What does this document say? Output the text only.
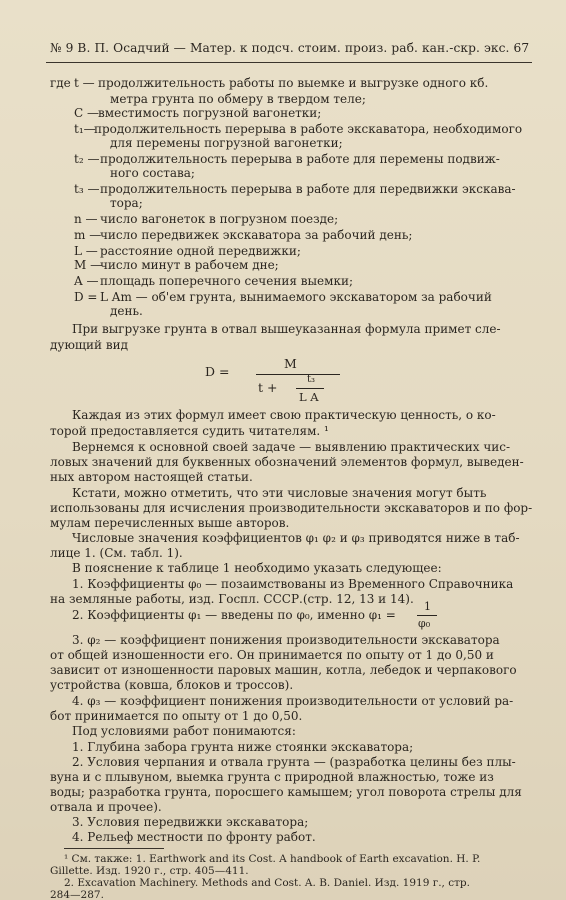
№ 9 В. П. Осадчий — Матер. к подсч. стоим. произ. раб. кан.-скр. экс. 67
где t — продолжительность работы по выемке и выгрузке одного кб.
метра грунта по обмеру в твердом теле;
C — вместимость погрузной вагонетки;
t₁—
продолжительность перерыва в работе экскаватора, необходимого
для перемены погрузной вагонетки;
t₂ — продолжительность перерыва в работе для перемены подвиж-
ного состава;
t₃ — продолжительность перерыва в работе для передвижки экскава-
тора;
n — число вагонеток в погрузном поезде;
m —
число передвижек экскаватора за рабочий день;
L — расстояние одной передвижки;
M —
число минут в рабочем дне;
A — площадь поперечного сечения выемки;
D = L Am — об'ем грунта, вынимаемого экскаватором за рабочий
день.
При выгрузке грунта в отвал вышеуказанная формула примет сле-
дующий вид
D =
M
t +
t₃
L A
Каждая из этих формул имеет свою практическую ценность, о ко-
торой предоставляется судить читателям. ¹
Вернемся к основной своей задаче — выявлению практических чис-
ловых значений для буквенных обозначений элементов формул, выведен-
ных автором настоящей статьи.
Кстати, можно отметить, что эти числовые значения могут быть
использованы для исчисления производительности экскаваторов и по фор-
мулам перечисленных выше авторов.
Числовые значения коэффициентов φ₁ φ₂ и φ₃ приводятся ниже в таб-
лице 1. (См. табл. 1).
В пояснение к таблице 1 необходимо указать следующее:
1. Коэффициенты φ₀ — позаимствованы из Временного Справочника
на земляные работы, изд. Госпл. СССР.(стр. 12, 13 и 14).
2. Коэффициенты φ₁ — введены по φ₀, именно φ₁ =
1
φ₀
3. φ₂ — коэффициент понижения производительности экскаватора
от общей изношенности его. Он принимается по опыту от 1 до 0,50 и
зависит от изношенности паровых машин, котла, лебедок и черпакового
устройства (ковша, блоков и троссов).
4. φ₃ — коэффициент понижения производительности от условий ра-
бот принимается по опыту от 1 до 0,50.
Под условиями работ понимаются:
1. Глубина забора грунта ниже стоянки экскаватора;
2. Условия черпания и отвала грунта — (разработка целины без плы-
вуна и с плывуном, выемка грунта с природной влажностью, тоже из
воды; разработка грунта, поросшего камышем; угол поворота стрелы для
отвала и прочее).
3. Условия передвижки экскаватора;
4. Рельеф местности по фронту работ.
¹ См. также: 1. Earthwork and its Cost. A handbook of Earth excavation. H. P.
Gillette. Изд. 1920 г., стр. 405—411.
2. Excavation Machinery. Methods and Cost. A. B. Daniel. Изд. 1919 г., стр.
284—287.
